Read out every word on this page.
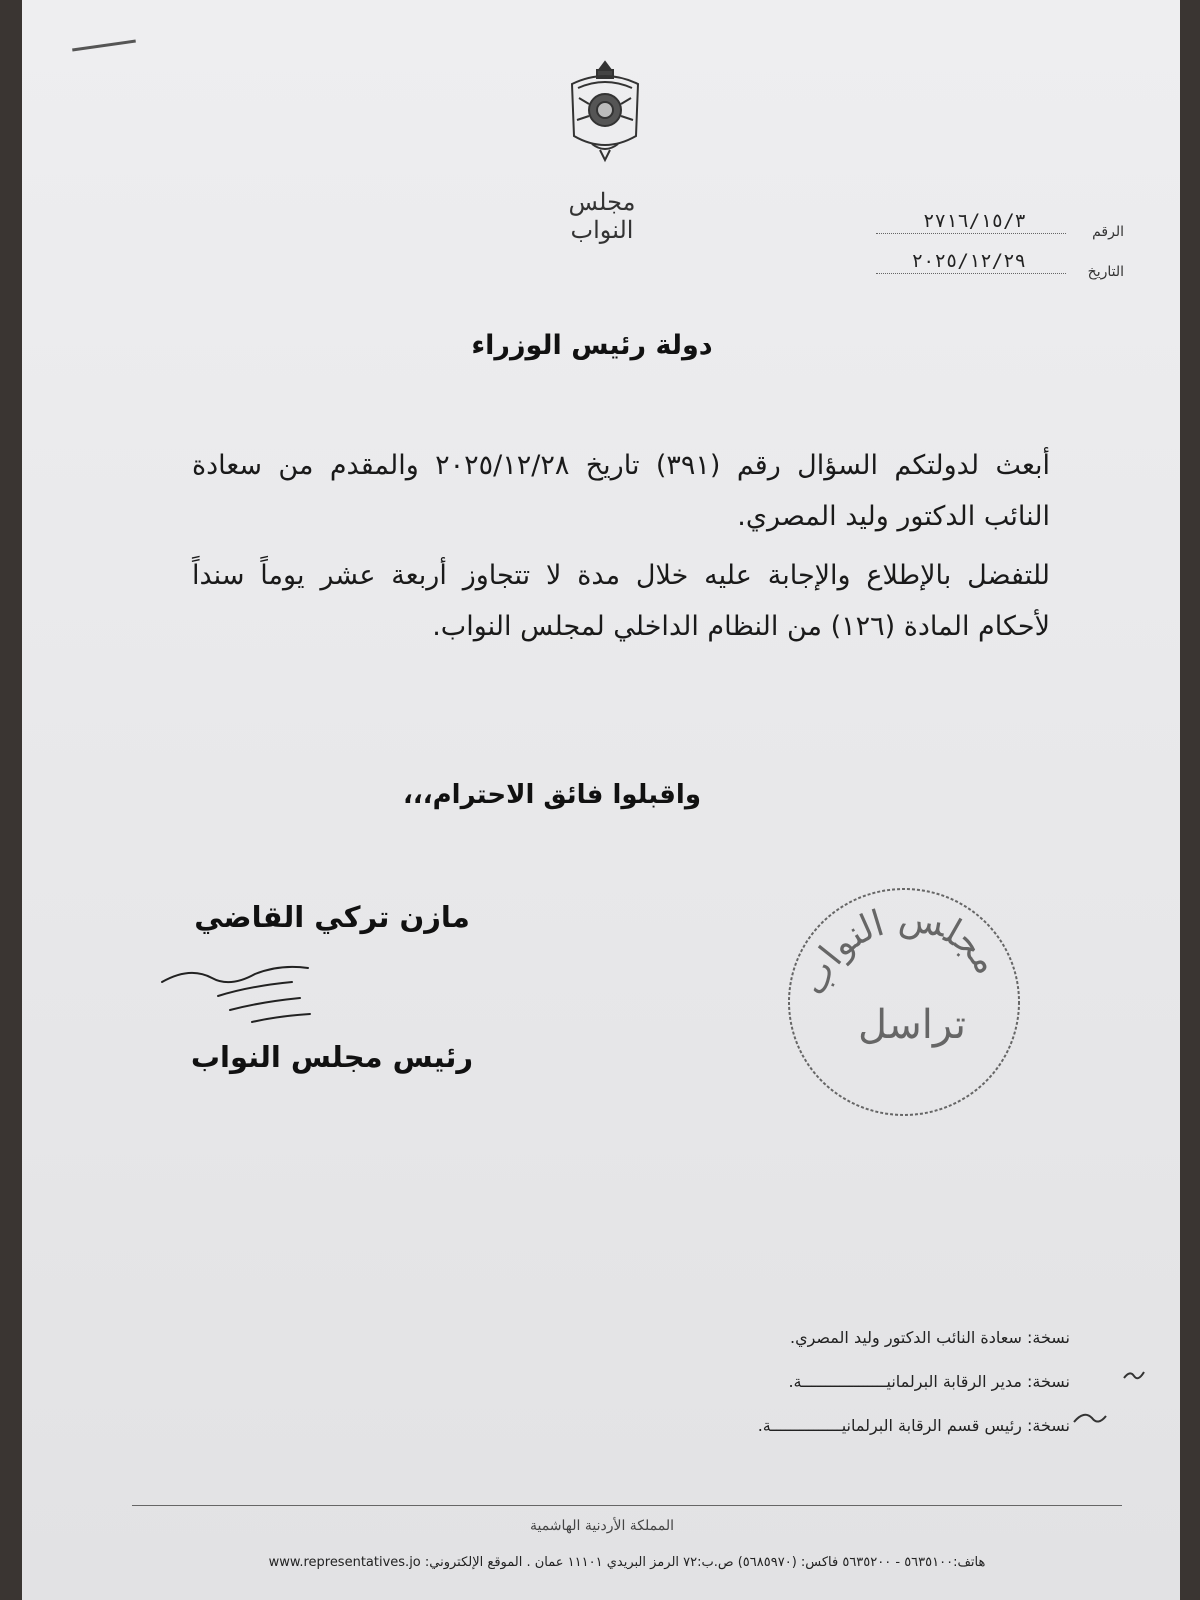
مجلس النواب	الرقم
٢٧١٦/١٥/٣
التاريخ
٢٠٢٥/١٢/٢٩
دولة رئيس الوزراء

أبعث لدولتكم السؤال رقم (٣٩١) تاريخ ٢٠٢٥/١٢/٢٨ والمقدم من سعادة النائب الدكتور وليد المصري.

للتفضل بالإطلاع والإجابة عليه خلال مدة لا تتجاوز أربعة عشر يوماً سنداً لأحكام المادة (١٢٦) من النظام الداخلي لمجلس النواب.

واقبلوا فائق الاحترام،،،
مازن تركي القاضي
رئيس مجلس النواب
مجلس النواب
تراسل
نسخة: سعادة النائب الدكتور وليد المصري.
نسخة: مدير الرقابة البرلمانيــــــــــــــــــة.
نسخة: رئيس قسم الرقابة البرلمانيـــــــــــــــة.
المملكة الأردنية الهاشمية
هاتف:٥٦٣٥١٠٠ - ٥٦٣٥٢٠٠ فاكس: (٥٦٨٥٩٧٠) ص.ب:٧٢ الرمز البريدي ١١١٠١ عمان . الموقع الإلكتروني: www.representatives.jo
